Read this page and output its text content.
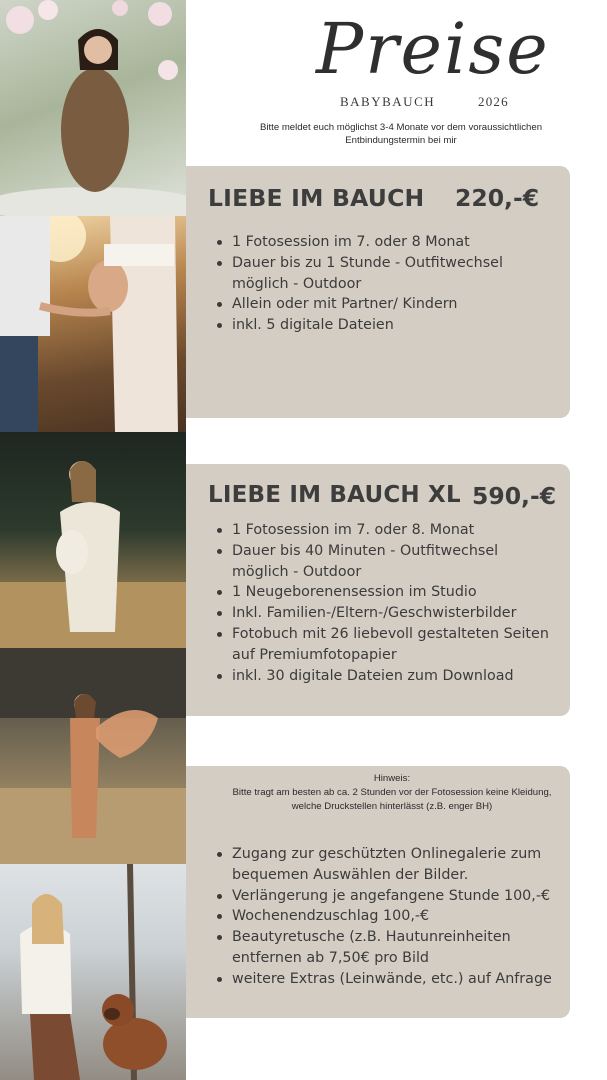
Preise
BABYBAUCH	2026
Bitte meldet euch möglichst 3-4 Monate vor dem voraussichtlichen
Entbindungstermin bei mir
LIEBE IM BAUCH 220,-€
1 Fotosession im 7. oder 8 Monat
Dauer bis zu 1 Stunde - Outfitwechsel möglich - Outdoor
Allein oder mit Partner/ Kindern
inkl. 5 digitale Dateien
LIEBE IM BAUCH XL 590,-€
1 Fotosession im 7. oder 8. Monat
Dauer bis 40 Minuten - Outfitwechsel möglich - Outdoor
1 Neugeborenensession im Studio
Inkl. Familien-/Eltern-/Geschwisterbilder
Fotobuch mit 26 liebevoll gestalteten Seiten auf Premiumfotopapier
inkl. 30 digitale Dateien zum Download
Hinweis:
Bitte tragt am besten ab ca. 2 Stunden vor der Fotosession keine Kleidung,
welche Druckstellen hinterlässt (z.B. enger BH)
Zugang zur geschützten Onlinegalerie zum bequemen Auswählen der Bilder.
Verlängerung je angefangene Stunde 100,-€
Wochenendzuschlag 100,-€
Beautyretusche (z.B. Hautunreinheiten entfernen ab 7,50€ pro Bild
weitere Extras (Leinwände, etc.) auf Anfrage
